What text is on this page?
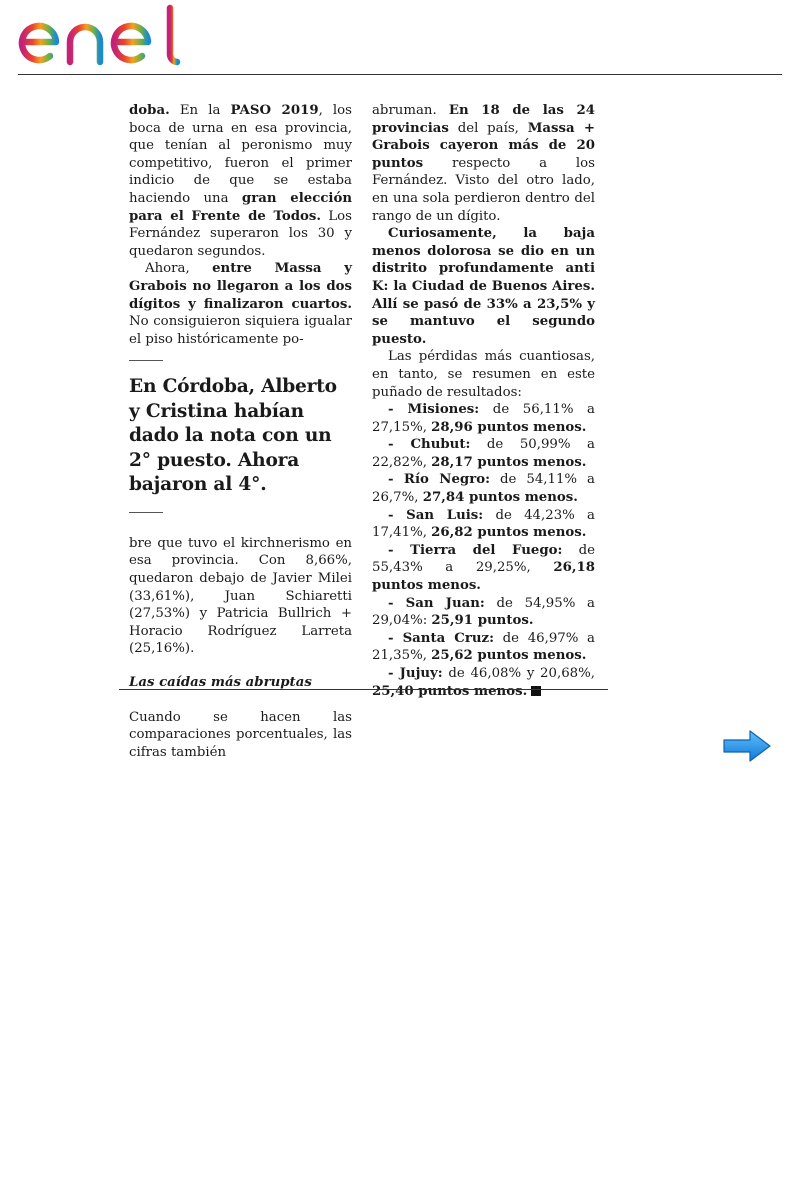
doba. En la PASO 2019, los boca de urna en esa provincia, que tenían al peronismo muy competitivo, fueron el primer indicio de que se estaba haciendo una gran elección para el Frente de Todos. Los Fernández superaron los 30 y quedaron segundos.

Ahora, entre Massa y Grabois no llegaron a los dos dígitos y finalizaron cuartos. No consiguieron siquiera igualar el piso históricamente po-

En Córdoba, Alberto y Cristina habían dado la nota con un 2° puesto. Ahora bajaron al 4°.

bre que tuvo el kirchnerismo en esa provincia. Con 8,66%, quedaron debajo de Javier Milei (33,61%), Juan Schiaretti (27,53%) y Patricia Bullrich + Horacio Rodríguez Larreta (25,16%).

Las caídas más abruptas

Cuando se hacen las comparaciones porcentuales, las cifras también

abruman. En 18 de las 24 provincias del país, Massa + Grabois cayeron más de 20 puntos respecto a los Fernández. Visto del otro lado, en una sola perdieron dentro del rango de un dígito.

Curiosamente, la baja menos dolorosa se dio en un distrito profundamente anti K: la Ciudad de Buenos Aires. Allí se pasó de 33% a 23,5% y se mantuvo el segundo puesto.

Las pérdidas más cuantiosas, en tanto, se resumen en este puñado de resultados:

- Misiones: de 56,11% a 27,15%, 28,96 puntos menos.

- Chubut: de 50,99% a 22,82%, 28,17 puntos menos.

- Río Negro: de 54,11% a 26,7%, 27,84 puntos menos.

- San Luis: de 44,23% a 17,41%, 26,82 puntos menos.

- Tierra del Fuego: de 55,43% a 29,25%, 26,18 puntos menos.

- San Juan: de 54,95% a 29,04%: 25,91 puntos.

- Santa Cruz: de 46,97% a 21,35%, 25,62 puntos menos.

- Jujuy: de 46,08% y 20,68%, 25,40 puntos menos.
